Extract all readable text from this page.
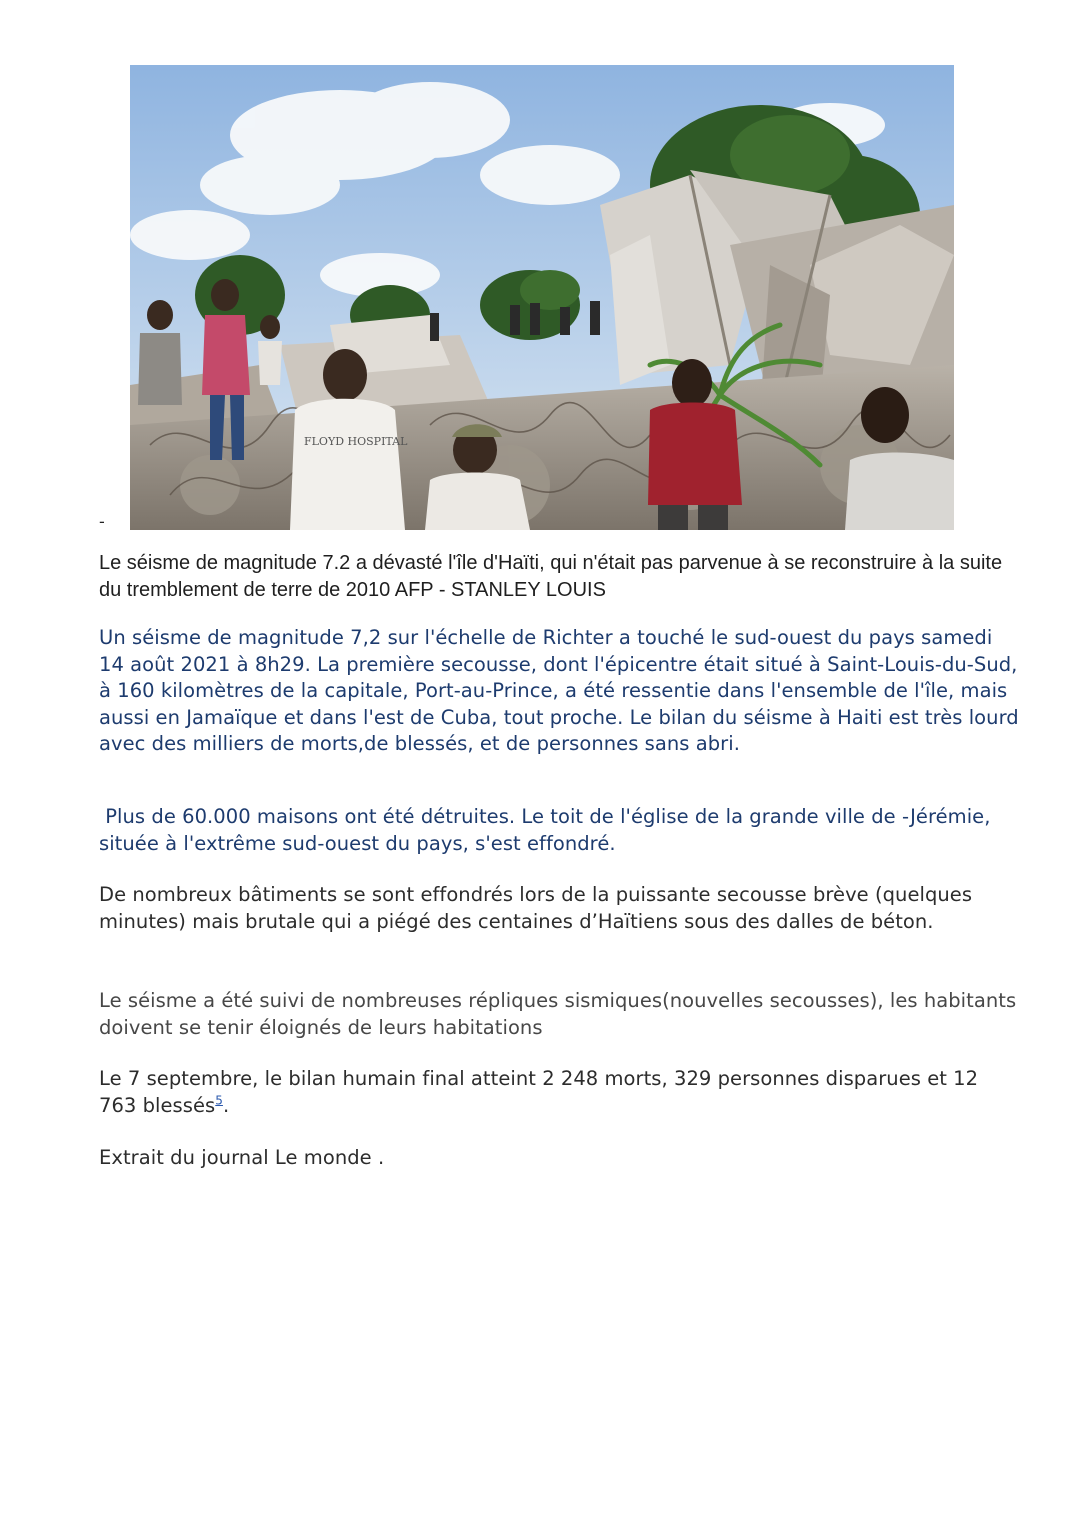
FLOYD HOSPITAL
-

Le séisme de magnitude 7.2 a dévasté l'île d'Haïti, qui n'était pas parvenue à se reconstruire à la suite du tremblement de terre de 2010 AFP - STANLEY LOUIS

Un séisme de magnitude 7,2 sur l'échelle de Richter a touché le sud-ouest du pays samedi 14 août 2021 à 8h29. La première secousse, dont l'épicentre était situé à Saint-Louis-du-Sud, à 160 kilomètres de la capitale, Port-au-Prince, a été ressentie dans l'ensemble de l'île, mais aussi en Jamaïque et dans l'est de Cuba, tout proche. Le bilan du séisme à Haiti est très lourd avec des milliers de morts,de blessés, et de personnes sans abri.

Plus de 60.000 maisons ont été détruites. Le toit de l'église de la grande ville de -Jérémie, située à l'extrême sud-ouest du pays, s'est effondré.

De nombreux bâtiments se sont effondrés lors de la puissante secousse brève (quelques minutes) mais brutale qui a piégé des centaines d’Haïtiens sous des dalles de béton.

Le séisme a été suivi de nombreuses répliques sismiques(nouvelles secousses), les habitants doivent se tenir éloignés de leurs habitations

Le 7 septembre, le bilan humain final atteint 2 248 morts, 329 personnes disparues et 12 763 blessés$^5$.

Extrait du journal Le monde .
